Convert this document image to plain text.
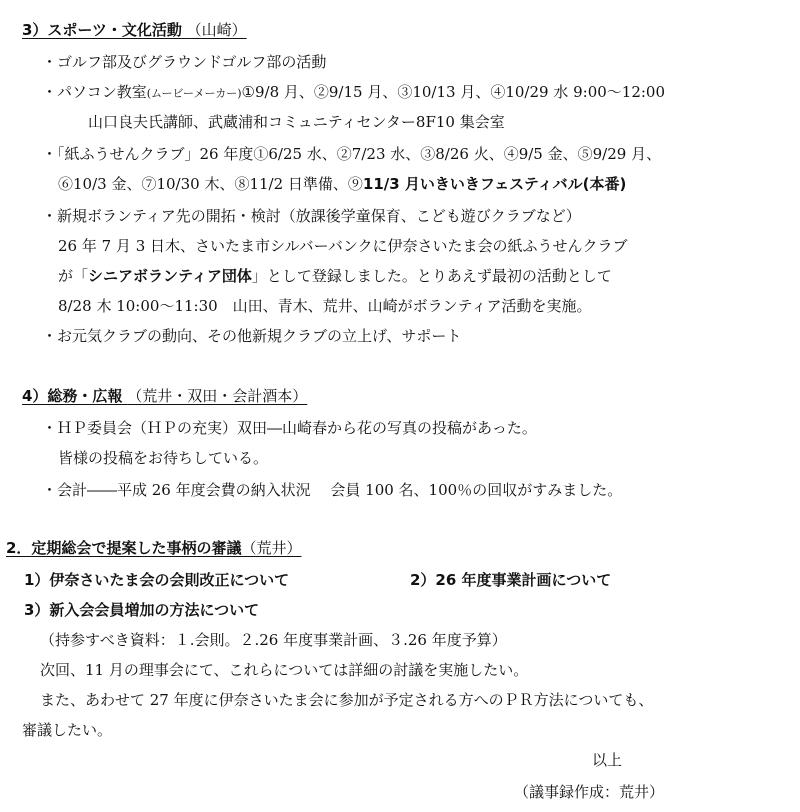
3）スポーツ・文化活動 （山崎）
・ゴルフ部及びグラウンドゴルフ部の活動
・パソコン教室(ムービーメーカー)①9/8 月、②9/15 月、③10/13 月、④10/29 水 9:00～12:00
山口良夫氏講師、武蔵浦和コミュニティセンター8F10 集会室
・「紙ふうせんクラブ」26 年度①6/25 水、②7/23 水、③8/26 火、④9/5 金、⑤9/29 月、
⑥10/3 金、⑦10/30 木、⑧11/2 日準備、⑨11/3 月いきいきフェスティバル(本番)
・新規ボランティア先の開拓・検討（放課後学童保育、こども遊びクラブなど）
26 年 7 月 3 日木、さいたま市シルバーバンクに伊奈さいたま会の紙ふうせんクラブ
が「シニアボランティア団体」として登録しました。とりあえず最初の活動として
8/28 木 10:00～11:30　山田、青木、荒井、山崎がボランティア活動を実施。
・お元気クラブの動向、その他新規クラブの立上げ、サポート
4）総務・広報 （荒井・双田・会計酒本）
・ＨＰ委員会（ＨＰの充実）双田―山崎春から花の写真の投稿があった。
皆様の投稿をお待ちしている。
・会計――平成 26 年度会費の納入状況　 会員 100 名、100％の回収がすみました。
2．定期総会で提案した事柄の審議（荒井）
1）伊奈さいたま会の会則改正について	2）26 年度事業計画について
3）新入会会員増加の方法について
（持参すべき資料：１.会則。２.26 年度事業計画、３.26 年度予算）
次回、11 月の理事会にて、これらについては詳細の討議を実施したい。
また、あわせて 27 年度に伊奈さいたま会に参加が予定される方へのＰＲ方法についても、
審議したい。
以上
（議事録作成：荒井）
